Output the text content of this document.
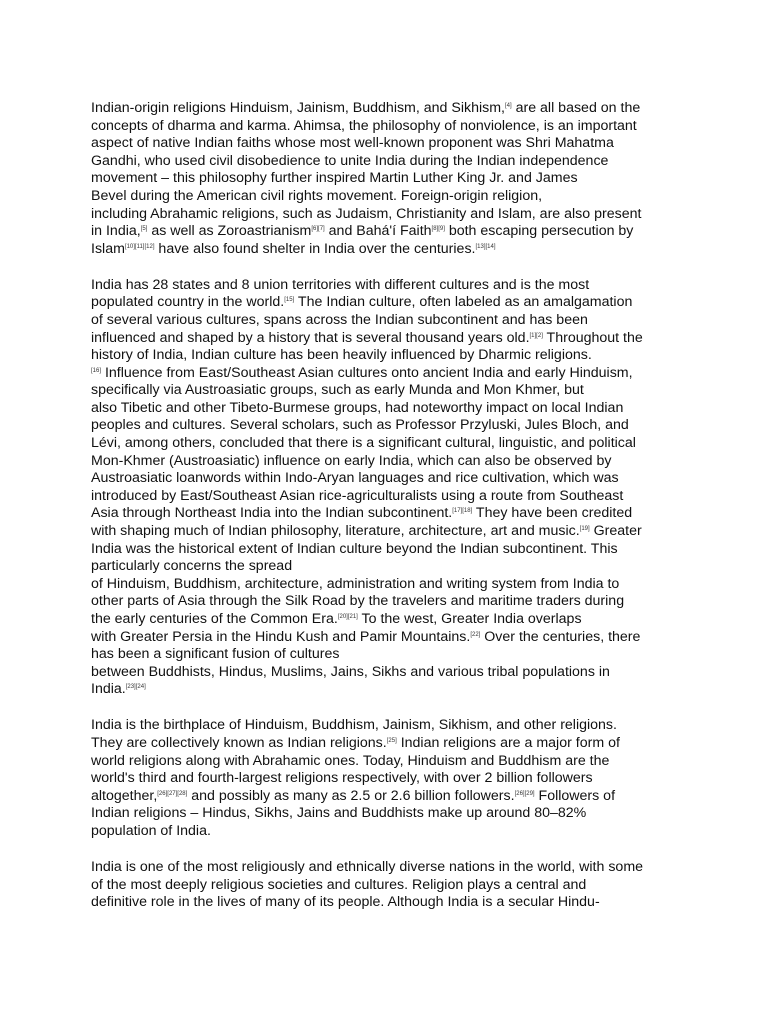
Indian-origin religions Hinduism, Jainism, Buddhism, and Sikhism,[4] are all based on the
concepts of dharma and karma. Ahimsa, the philosophy of nonviolence, is an important
aspect of native Indian faiths whose most well-known proponent was Shri Mahatma
Gandhi, who used civil disobedience to unite India during the Indian independence
movement – this philosophy further inspired Martin Luther King Jr. and James
Bevel during the American civil rights movement. Foreign-origin religion,
including Abrahamic religions, such as Judaism, Christianity and Islam, are also present
in India,[5] as well as Zoroastrianism[6][7] and Bahá'í Faith[8][9] both escaping persecution by
Islam[10][11][12] have also found shelter in India over the centuries.[13][14]

India has 28 states and 8 union territories with different cultures and is the most
populated country in the world.[15] The Indian culture, often labeled as an amalgamation
of several various cultures, spans across the Indian subcontinent and has been
influenced and shaped by a history that is several thousand years old.[1][2] Throughout the
history of India, Indian culture has been heavily influenced by Dharmic religions.
[16] Influence from East/Southeast Asian cultures onto ancient India and early Hinduism,
specifically via Austroasiatic groups, such as early Munda and Mon Khmer, but
also Tibetic and other Tibeto-Burmese groups, had noteworthy impact on local Indian
peoples and cultures. Several scholars, such as Professor Przyluski, Jules Bloch, and
Lévi, among others, concluded that there is a significant cultural, linguistic, and political
Mon-Khmer (Austroasiatic) influence on early India, which can also be observed by
Austroasiatic loanwords within Indo-Aryan languages and rice cultivation, which was
introduced by East/Southeast Asian rice-agriculturalists using a route from Southeast
Asia through Northeast India into the Indian subcontinent.[17][18] They have been credited
with shaping much of Indian philosophy, literature, architecture, art and music.[19] Greater
India was the historical extent of Indian culture beyond the Indian subcontinent. This
particularly concerns the spread
of Hinduism, Buddhism, architecture, administration and writing system from India to
other parts of Asia through the Silk Road by the travelers and maritime traders during
the early centuries of the Common Era.[20][21] To the west, Greater India overlaps
with Greater Persia in the Hindu Kush and Pamir Mountains.[22] Over the centuries, there
has been a significant fusion of cultures
between Buddhists, Hindus, Muslims, Jains, Sikhs and various tribal populations in
India.[23][24]

India is the birthplace of Hinduism, Buddhism, Jainism, Sikhism, and other religions.
They are collectively known as Indian religions.[25] Indian religions are a major form of
world religions along with Abrahamic ones. Today, Hinduism and Buddhism are the
world's third and fourth-largest religions respectively, with over 2 billion followers
altogether,[26][27][28] and possibly as many as 2.5 or 2.6 billion followers.[26][29] Followers of
Indian religions – Hindus, Sikhs, Jains and Buddhists make up around 80–82%
population of India.

India is one of the most religiously and ethnically diverse nations in the world, with some
of the most deeply religious societies and cultures. Religion plays a central and
definitive role in the lives of many of its people. Although India is a secular Hindu-
